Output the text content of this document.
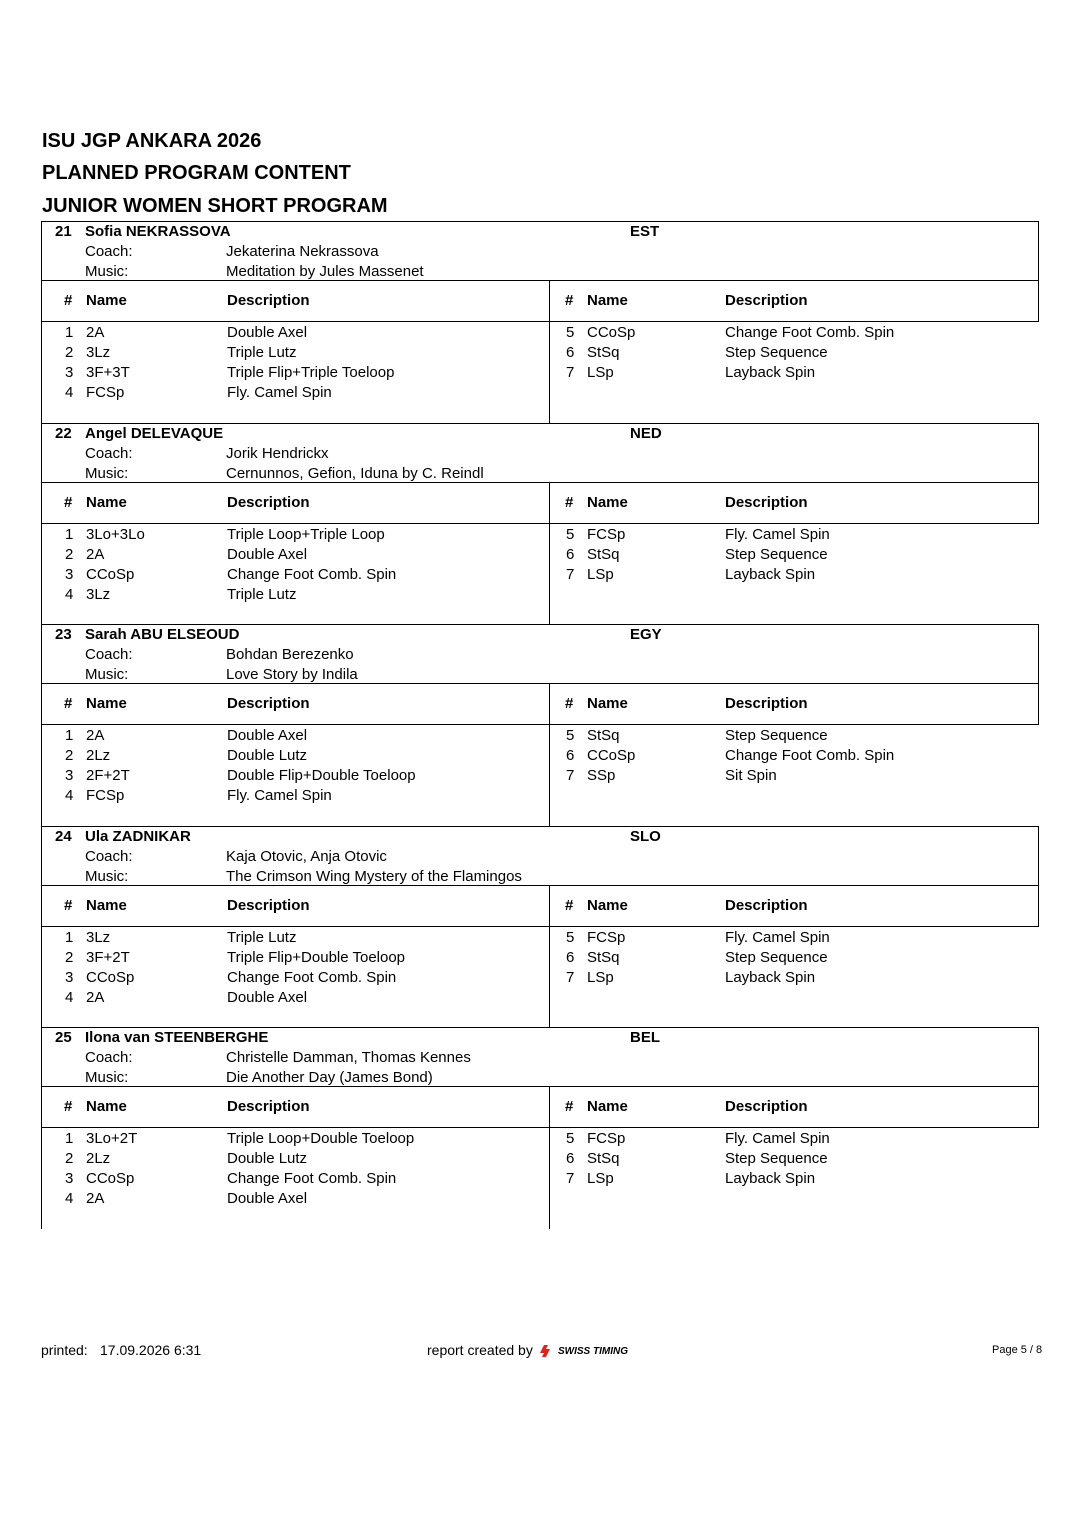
ISU JGP ANKARA 2026
PLANNED PROGRAM CONTENT
JUNIOR WOMEN SHORT PROGRAM
21 Sofia NEKRASSOVA	EST
Coach:	Jekaterina Nekrassova
Music:	Meditation by Jules Massenet
# Name	Description	# Name	Description
1 2A	Double Axel
2 3Lz	Triple Lutz
3 3F+3T	Triple Flip+Triple Toeloop
4 FCSp	Fly. Camel Spin
5 CCoSp	Change Foot Comb. Spin
6 StSq	Step Sequence
7 LSp	Layback Spin
22 Angel DELEVAQUE	NED
Coach:	Jorik Hendrickx
Music:	Cernunnos, Gefion, Iduna by C. Reindl
# Name	Description	# Name	Description
1 3Lo+3Lo	Triple Loop+Triple Loop
2 2A	Double Axel
3 CCoSp	Change Foot Comb. Spin
4 3Lz	Triple Lutz
5 FCSp	Fly. Camel Spin
6 StSq	Step Sequence
7 LSp	Layback Spin
23 Sarah ABU ELSEOUD	EGY
Coach:	Bohdan Berezenko
Music:	Love Story by Indila
# Name	Description	# Name	Description
1 2A	Double Axel
2 2Lz	Double Lutz
3 2F+2T	Double Flip+Double Toeloop
4 FCSp	Fly. Camel Spin
5 StSq	Step Sequence
6 CCoSp	Change Foot Comb. Spin
7 SSp	Sit Spin
24 Ula ZADNIKAR	SLO
Coach:	Kaja Otovic, Anja Otovic
Music:	The Crimson Wing Mystery of the Flamingos
# Name	Description	# Name	Description
1 3Lz	Triple Lutz
2 3F+2T	Triple Flip+Double Toeloop
3 CCoSp	Change Foot Comb. Spin
4 2A	Double Axel
5 FCSp	Fly. Camel Spin
6 StSq	Step Sequence
7 LSp	Layback Spin
25 Ilona van STEENBERGHE	BEL
Coach:	Christelle Damman, Thomas Kennes
Music:	Die Another Day (James Bond)
# Name	Description	# Name	Description
1 3Lo+2T	Triple Loop+Double Toeloop
2 2Lz	Double Lutz
3 CCoSp	Change Foot Comb. Spin
4 2A	Double Axel
5 FCSp	Fly. Camel Spin
6 StSq	Step Sequence
7 LSp	Layback Spin
printed: 17.09.2026 6:31	report created by	SWISS TIMING	Page 5 / 8
